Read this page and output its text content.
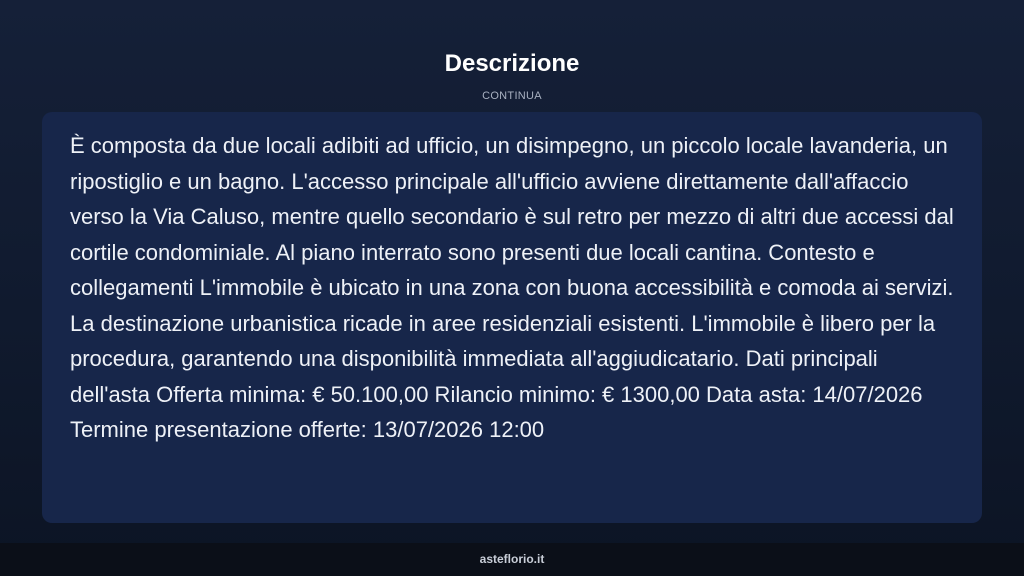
Descrizione
CONTINUA

È composta da due locali adibiti ad ufficio, un disimpegno, un piccolo locale lavanderia, un ripostiglio e un bagno. L'accesso principale all'ufficio avviene direttamente dall'affaccio verso la Via Caluso, mentre quello secondario è sul retro per mezzo di altri due accessi dal cortile condominiale. Al piano interrato sono presenti due locali cantina. Contesto e collegamenti L'immobile è ubicato in una zona con buona accessibilità e comoda ai servizi. La destinazione urbanistica ricade in aree residenziali esistenti. L'immobile è libero per la procedura, garantendo una disponibilità immediata all'aggiudicatario. Dati principali dell'asta Offerta minima: € 50.100,00 Rilancio minimo: € 1300,00 Data asta: 14/07/2026 Termine presentazione offerte: 13/07/2026 12:00

asteflorio.it
